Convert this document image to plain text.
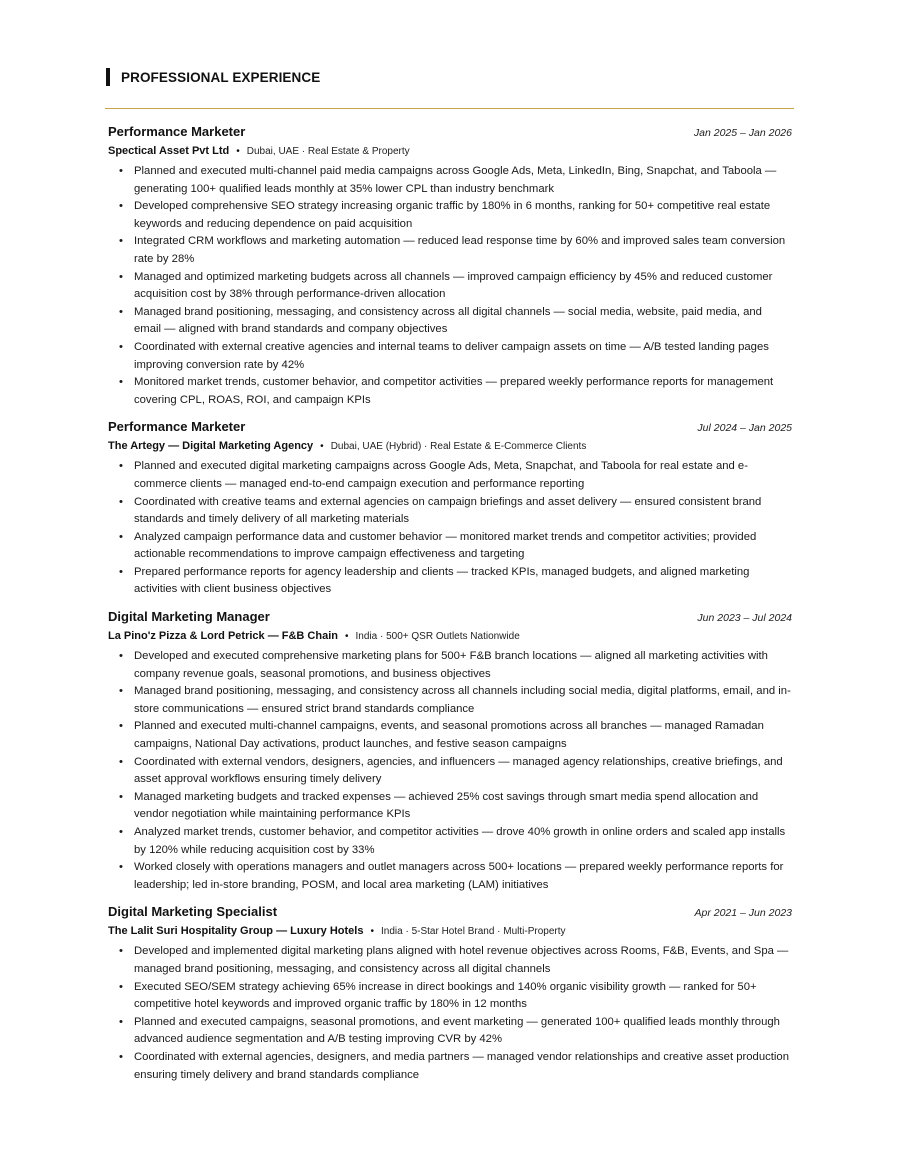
PROFESSIONAL EXPERIENCE
Performance Marketer	Jan 2025 – Jan 2026
Spectical Asset Pvt Ltd • Dubai, UAE · Real Estate & Property
• Planned and executed multi-channel paid media campaigns across Google Ads, Meta, LinkedIn, Bing, Snapchat, and Taboola — generating 100+ qualified leads monthly at 35% lower CPL than industry benchmark
• Developed comprehensive SEO strategy increasing organic traffic by 180% in 6 months, ranking for 50+ competitive real estate keywords and reducing dependence on paid acquisition
• Integrated CRM workflows and marketing automation — reduced lead response time by 60% and improved sales team conversion rate by 28%
• Managed and optimized marketing budgets across all channels — improved campaign efficiency by 45% and reduced customer acquisition cost by 38% through performance-driven allocation
• Managed brand positioning, messaging, and consistency across all digital channels — social media, website, paid media, and email — aligned with brand standards and company objectives
• Coordinated with external creative agencies and internal teams to deliver campaign assets on time — A/B tested landing pages improving conversion rate by 42%
• Monitored market trends, customer behavior, and competitor activities — prepared weekly performance reports for management covering CPL, ROAS, ROI, and campaign KPIs
Performance Marketer	Jul 2024 – Jan 2025
The Artegy — Digital Marketing Agency • Dubai, UAE (Hybrid) · Real Estate & E-Commerce Clients
• Planned and executed digital marketing campaigns across Google Ads, Meta, Snapchat, and Taboola for real estate and e-commerce clients — managed end-to-end campaign execution and performance reporting
• Coordinated with creative teams and external agencies on campaign briefings and asset delivery — ensured consistent brand standards and timely delivery of all marketing materials
• Analyzed campaign performance data and customer behavior — monitored market trends and competitor activities; provided actionable recommendations to improve campaign effectiveness and targeting
• Prepared performance reports for agency leadership and clients — tracked KPIs, managed budgets, and aligned marketing activities with client business objectives
Digital Marketing Manager	Jun 2023 – Jul 2024
La Pino'z Pizza & Lord Petrick — F&B Chain • India · 500+ QSR Outlets Nationwide
• Developed and executed comprehensive marketing plans for 500+ F&B branch locations — aligned all marketing activities with company revenue goals, seasonal promotions, and business objectives
• Managed brand positioning, messaging, and consistency across all channels including social media, digital platforms, email, and in-store communications — ensured strict brand standards compliance
• Planned and executed multi-channel campaigns, events, and seasonal promotions across all branches — managed Ramadan campaigns, National Day activations, product launches, and festive season campaigns
• Coordinated with external vendors, designers, agencies, and influencers — managed agency relationships, creative briefings, and asset approval workflows ensuring timely delivery
• Managed marketing budgets and tracked expenses — achieved 25% cost savings through smart media spend allocation and vendor negotiation while maintaining performance KPIs
• Analyzed market trends, customer behavior, and competitor activities — drove 40% growth in online orders and scaled app installs by 120% while reducing acquisition cost by 33%
• Worked closely with operations managers and outlet managers across 500+ locations — prepared weekly performance reports for leadership; led in-store branding, POSM, and local area marketing (LAM) initiatives
Digital Marketing Specialist	Apr 2021 – Jun 2023
The Lalit Suri Hospitality Group — Luxury Hotels • India · 5-Star Hotel Brand · Multi-Property
• Developed and implemented digital marketing plans aligned with hotel revenue objectives across Rooms, F&B, Events, and Spa — managed brand positioning, messaging, and consistency across all digital channels
• Executed SEO/SEM strategy achieving 65% increase in direct bookings and 140% organic visibility growth — ranked for 50+ competitive hotel keywords and improved organic traffic by 180% in 12 months
• Planned and executed campaigns, seasonal promotions, and event marketing — generated 100+ qualified leads monthly through advanced audience segmentation and A/B testing improving CVR by 42%
• Coordinated with external agencies, designers, and media partners — managed vendor relationships and creative asset production ensuring timely delivery and brand standards compliance
